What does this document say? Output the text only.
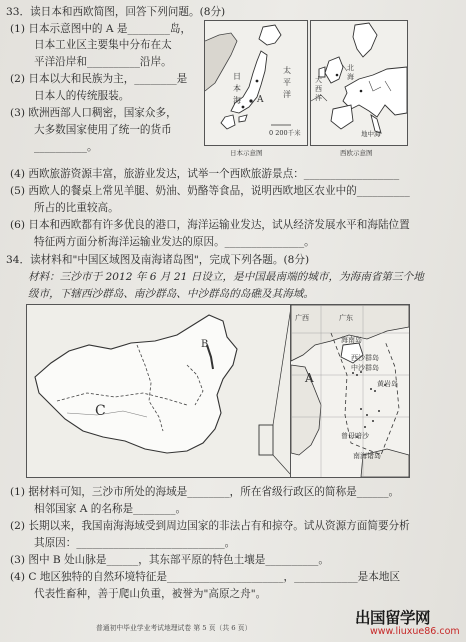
33．读日本和西欧简图，回答下列问题。(8分)
(1) 日本示意图中的 A 是________岛，
日本工业区主要集中分布在太
平洋沿岸和__________沿岸。
(2) 日本以大和民族为主，________是
日本人的传统服装。
(3) 欧洲西部人口稠密，国家众多，
大多数国家使用了统一的货币
__________。
日
本
海
太
平
洋
A
0 200千米
日本示意图
大
西
洋
北
海
地中海
西欧示意图
(4) 西欧旅游资源丰富，旅游业发达，试举一个西欧旅游景点：__________________
(5) 西欧人的餐桌上常见羊腿、奶油、奶酪等食品，说明西欧地区农业中的__________
所占的比重较高。
(6) 日本和西欧都有许多优良的港口，海洋运输业发达，试从经济发展水平和海陆位置
特征两方面分析海洋运输业发达的原因。_______________。
34．读材料和"中国区域图及南海诸岛图"，完成下列各题。(8分)
材料：三沙市于 2012 年 6 月 21 日设立，是中国最南端的城市，为海南省第三个地
级市，下辖西沙群岛、南沙群岛、中沙群岛的岛礁及其海域。
B
C
广西	广东
海南岛
西沙群岛
A
中沙群岛
黄岩岛
曾母暗沙
南海诸岛
(1) 据材料可知，三沙市所处的海域是________，所在省级行政区的简称是______。
相邻国家 A 的名称是________。
(2) 长期以来，我国南海海域受到周边国家的非法占有和掠夺。试从资源方面简要分析
其原因：____________________________。
(3) 图中 B 处山脉是______，其东部平原的特色土壤是__________。
(4) C 地区独特的自然环境特征是______________________，____________是本地区
代表性畜种，善于爬山负重，被誉为"高原之舟"。
普通初中毕业学业考试地理试卷 第 5 页（共 6 页）
出国留学网
www.liuxue86.com
